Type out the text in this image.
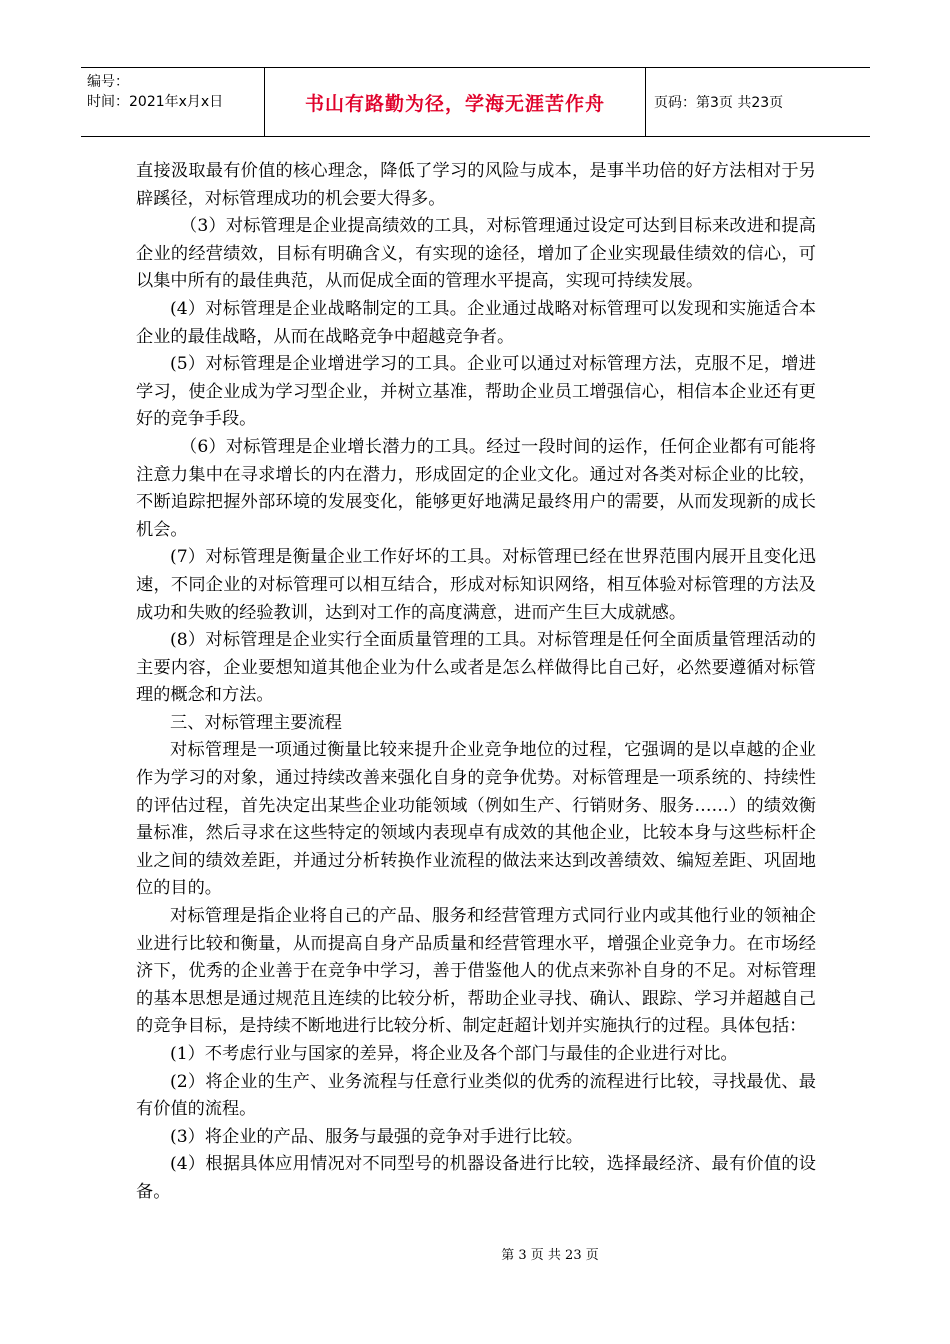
编号：
时间：2021年x月x日	书山有路勤为径，学海无涯苦作舟	页码：第3页 共23页

直接汲取最有价值的核心理念，降低了学习的风险与成本，是事半功倍的好方法相对于另辟蹊径，对标管理成功的机会要大得多。

（3）对标管理是企业提高绩效的工具，对标管理通过设定可达到目标来改进和提高企业的经营绩效，目标有明确含义，有实现的途径，增加了企业实现最佳绩效的信心，可以集中所有的最佳典范，从而促成全面的管理水平提高，实现可持续发展。

(4）对标管理是企业战略制定的工具。企业通过战略对标管理可以发现和实施适合本企业的最佳战略，从而在战略竞争中超越竞争者。

(5）对标管理是企业增进学习的工具。企业可以通过对标管理方法，克服不足，增进学习，使企业成为学习型企业，并树立基准，帮助企业员工增强信心，相信本企业还有更好的竞争手段。

（6）对标管理是企业增长潜力的工具。经过一段时间的运作，任何企业都有可能将注意力集中在寻求增长的内在潜力，形成固定的企业文化。通过对各类对标企业的比较，不断追踪把握外部环境的发展变化，能够更好地满足最终用户的需要，从而发现新的成长机会。

(7）对标管理是衡量企业工作好坏的工具。对标管理已经在世界范围内展开且变化迅速，不同企业的对标管理可以相互结合，形成对标知识网络，相互体验对标管理的方法及成功和失败的经验教训，达到对工作的高度满意，进而产生巨大成就感。

(8）对标管理是企业实行全面质量管理的工具。对标管理是任何全面质量管理活动的主要内容，企业要想知道其他企业为什么或者是怎么样做得比自己好，必然要遵循对标管理的概念和方法。

三、对标管理主要流程

对标管理是一项通过衡量比较来提升企业竞争地位的过程，它强调的是以卓越的企业作为学习的对象，通过持续改善来强化自身的竞争优势。对标管理是一项系统的、持续性的评估过程，首先决定出某些企业功能领域（例如生产、行销财务、服务……）的绩效衡量标准，然后寻求在这些特定的领域内表现卓有成效的其他企业，比较本身与这些标杆企业之间的绩效差距，并通过分析转换作业流程的做法来达到改善绩效、编短差距、巩固地位的目的。

对标管理是指企业将自己的产品、服务和经营管理方式同行业内或其他行业的领袖企业进行比较和衡量，从而提高自身产品质量和经营管理水平，增强企业竞争力。在市场经济下，优秀的企业善于在竞争中学习，善于借鉴他人的优点来弥补自身的不足。对标管理的基本思想是通过规范且连续的比较分析，帮助企业寻找、确认、跟踪、学习并超越自己的竞争目标，是持续不断地进行比较分析、制定赶超计划并实施执行的过程。具体包括：

(1）不考虑行业与国家的差异，将企业及各个部门与最佳的企业进行对比。

(2）将企业的生产、业务流程与任意行业类似的优秀的流程进行比较，寻找最优、最有价值的流程。

(3）将企业的产品、服务与最强的竞争对手进行比较。

(4）根据具体应用情况对不同型号的机器设备进行比较，选择最经济、最有价值的设备。

第 3 页 共 23 页
